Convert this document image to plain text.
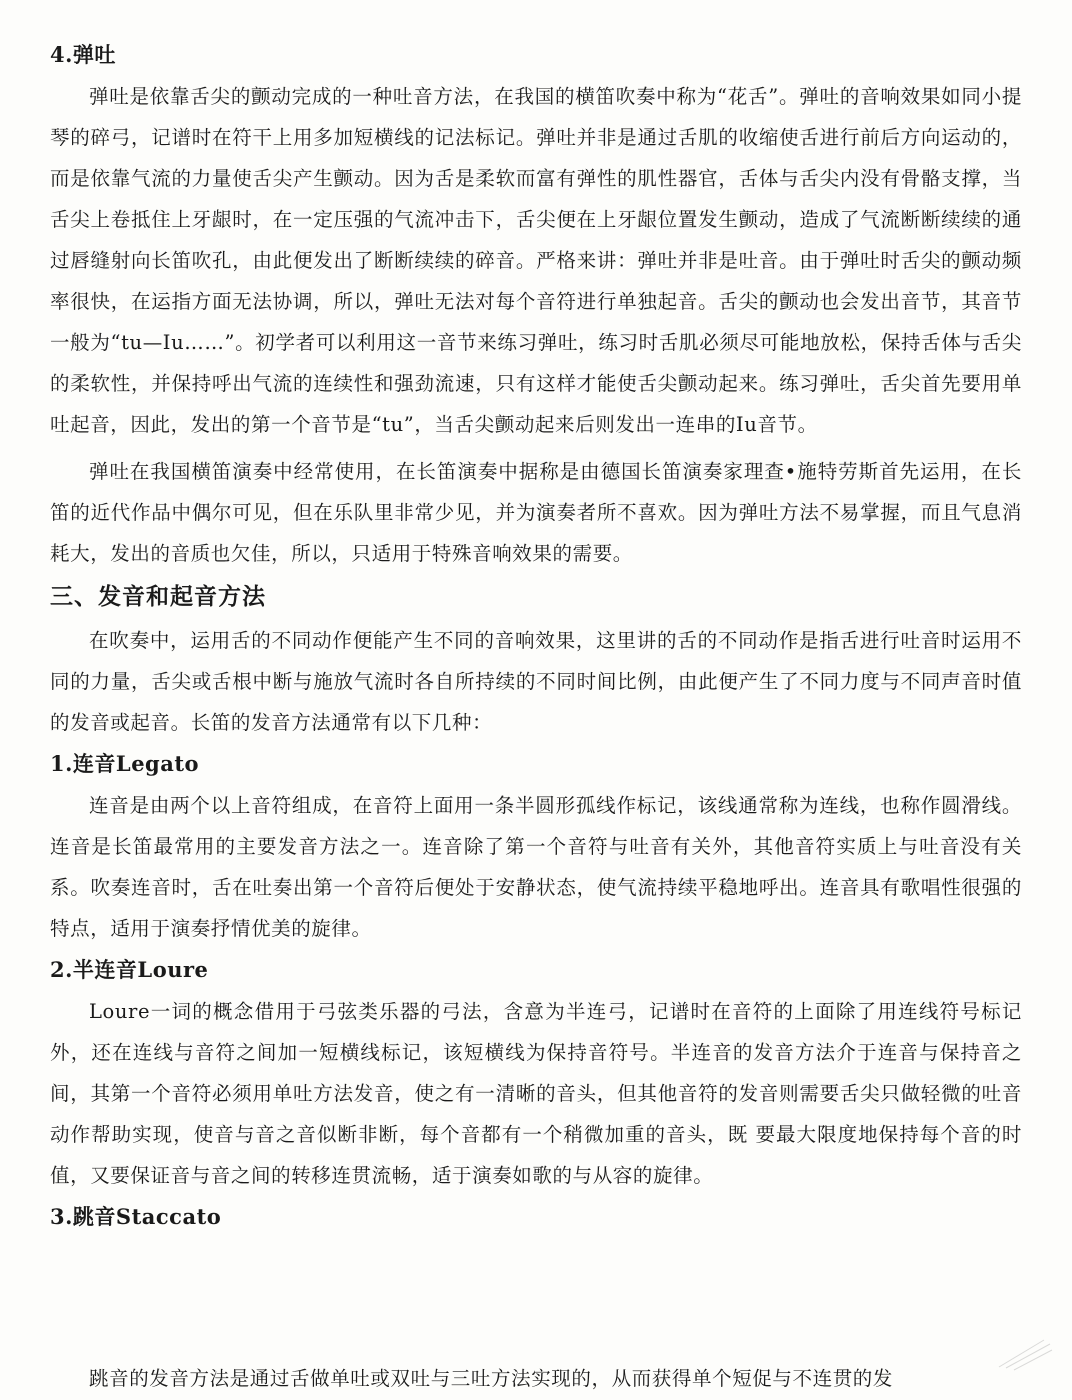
4.弹吐

弹吐是依靠舌尖的颤动完成的一种吐音方法，在我国的横笛吹奏中称为“花舌”。弹吐的音响效果如同小提琴的碎弓，记谱时在符干上用多加短横线的记法标记。弹吐并非是通过舌肌的收缩使舌进行前后方向运动的，而是依靠气流的力量使舌尖产生颤动。因为舌是柔软而富有弹性的肌性器官，舌体与舌尖内没有骨骼支撑，当舌尖上卷抵住上牙龈时，在一定压强的气流冲击下，舌尖便在上牙龈位置发生颤动，造成了气流断断续续的通过唇缝射向长笛吹孔，由此便发出了断断续续的碎音。严格来讲：弹吐并非是吐音。由于弹吐时舌尖的颤动频率很快，在运指方面无法协调，所以，弹吐无法对每个音符进行单独起音。舌尖的颤动也会发出音节，其音节一般为“tu—Iu……”。初学者可以利用这一音节来练习弹吐，练习时舌肌必须尽可能地放松，保持舌体与舌尖的柔软性，并保持呼出气流的连续性和强劲流速，只有这样才能使舌尖颤动起来。练习弹吐，舌尖首先要用单吐起音，因此，发出的第一个音节是“tu”，当舌尖颤动起来后则发出一连串的Iu音节。

弹吐在我国横笛演奏中经常使用，在长笛演奏中据称是由德国长笛演奏家理查•施特劳斯首先运用，在长笛的近代作品中偶尔可见，但在乐队里非常少见，并为演奏者所不喜欢。因为弹吐方法不易掌握，而且气息消耗大，发出的音质也欠佳，所以，只适用于特殊音响效果的需要。

三、发音和起音方法

在吹奏中，运用舌的不同动作便能产生不同的音响效果，这里讲的舌的不同动作是指舌进行吐音时运用不同的力量，舌尖或舌根中断与施放气流时各自所持续的不同时间比例，由此便产生了不同力度与不同声音时值的发音或起音。长笛的发音方法通常有以下几种：

1.连音Legato

连音是由两个以上音符组成，在音符上面用一条半圆形孤线作标记，该线通常称为连线，也称作圆滑线。连音是长笛最常用的主要发音方法之一。连音除了第一个音符与吐音有关外，其他音符实质上与吐音没有关系。吹奏连音时，舌在吐奏出第一个音符后便处于安静状态，使气流持续平稳地呼出。连音具有歌唱性很强的特点，适用于演奏抒情优美的旋律。

2.半连音Loure

Loure一词的概念借用于弓弦类乐器的弓法，含意为半连弓，记谱时在音符的上面除了用连线符号标记外，还在连线与音符之间加一短横线标记，该短横线为保持音符号。半连音的发音方法介于连音与保持音之间，其第一个音符必须用单吐方法发音，使之有一清晰的音头，但其他音符的发音则需要舌尖只做轻微的吐音动作帮助实现，使音与音之音似断非断，每个音都有一个稍微加重的音头，既 要最大限度地保持每个音的时值，又要保证音与音之间的转移连贯流畅，适于演奏如歌的与从容的旋律。

3.跳音Staccato

跳音的发音方法是通过舌做单吐或双吐与三吐方法实现的，从而获得单个短促与不连贯的发
